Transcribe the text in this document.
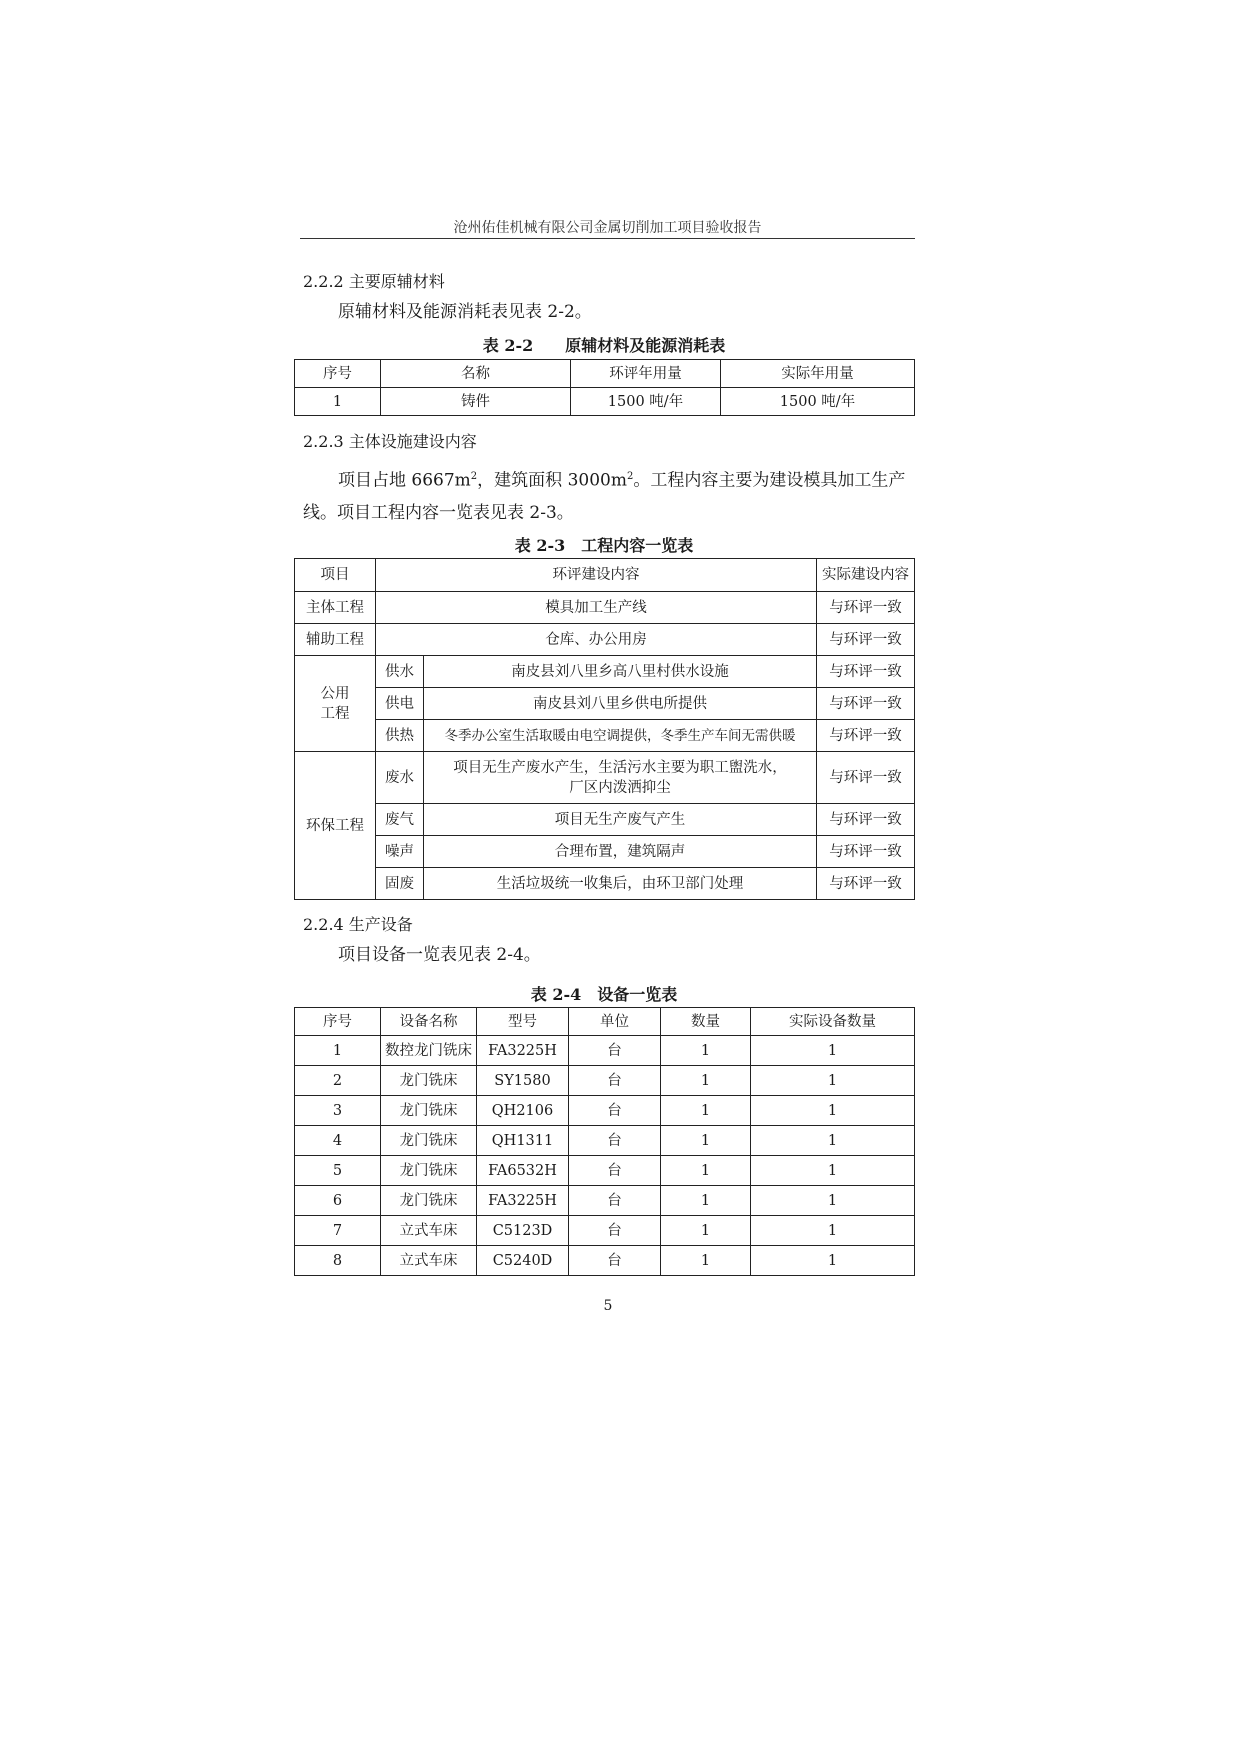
沧州佑佳机械有限公司金属切削加工项目验收报告
2.2.2 主要原辅材料
原辅材料及能源消耗表见表 2-2。
表 2-2　　原辅材料及能源消耗表
序号	名称	环评年用量	实际年用量
1	铸件	1500 吨/年	1500 吨/年
2.2.3 主体设施建设内容
项目占地 $6667m^2$，建筑面积 $3000m^2$。工程内容主要为建设模具加工生产
线。项目工程内容一览表见表 2-3。
表 2-3　工程内容一览表
项目	环评建设内容		实际建设内容
主体工程	模具加工生产线		与环评一致
辅助工程	仓库、办公用房		与环评一致

公用
工程	供水	南皮县刘八里乡高八里村供水设施	与环评一致
	供电	南皮县刘八里乡供电所提供	与环评一致
	供热	冬季办公室生活取暖由电空调提供，冬季生产车间无需供暖	与环评一致
环保工程	废水	项目无生产废水产生，生活污水主要为职工盥洗水，
厂区内泼洒抑尘	与环评一致
	废气	项目无生产废气产生	与环评一致
	噪声	合理布置，建筑隔声	与环评一致
	固废	生活垃圾统一收集后，由环卫部门处理	与环评一致
2.2.4 生产设备
项目设备一览表见表 2-4。
表 2-4　设备一览表
序号	设备名称	型号	单位	数量	实际设备数量
1	数控龙门铣床	FA3225H	台	1	1
2	龙门铣床	SY1580	台	1	1
3	龙门铣床	QH2106	台	1	1
4	龙门铣床	QH1311	台	1	1
5	龙门铣床	FA6532H	台	1	1
6	龙门铣床	FA3225H	台	1	1
7	立式车床	C5123D	台	1	1
8	立式车床	C5240D	台	1	1
5
